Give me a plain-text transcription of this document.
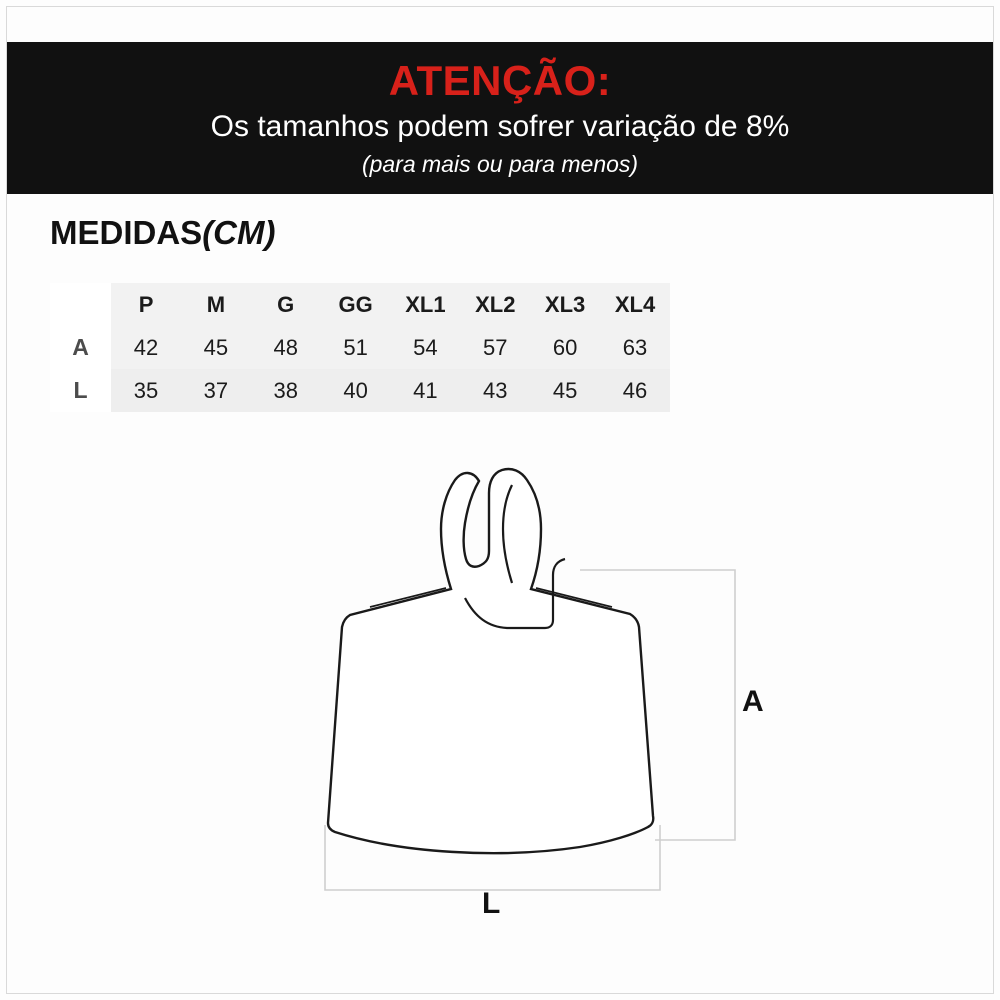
ATENÇÃO:
Os tamanhos podem sofrer variação de 8%
(para mais ou para menos)
MEDIDAS(CM)
	P	M	G	GG	XL1	XL2	XL3	XL4
A	42	45	48	51	54	57	60	63
L	35	37	38	40	41	43	45	46
A
L
